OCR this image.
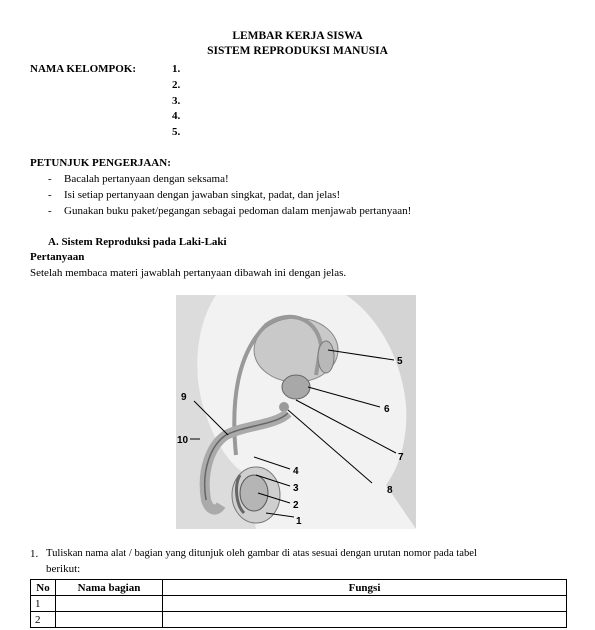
LEMBAR KERJA SISWA
SISTEM REPRODUKSI MANUSIA
NAMA KELOMPOK:	1.
2.
3.
4.
5.
PETUNJUK PENGERJAAN:
- Bacalah pertanyaan dengan seksama!
- Isi setiap pertanyaan dengan jawaban singkat, padat, dan jelas!
- Gunakan buku paket/pegangan sebagai pedoman dalam menjawab pertanyaan!
A. Sistem Reproduksi pada Laki-Laki
Pertanyaan
Setelah membaca materi jawablah pertanyaan dibawah ini dengan jelas.
1
2
3
4
5
6
7
8
9
10
1. Tuliskan nama alat / bagian yang ditunjuk oleh gambar di atas sesuai dengan urutan nomor pada tabel
berikut:
No	Nama bagian	Fungsi
1		
2		
